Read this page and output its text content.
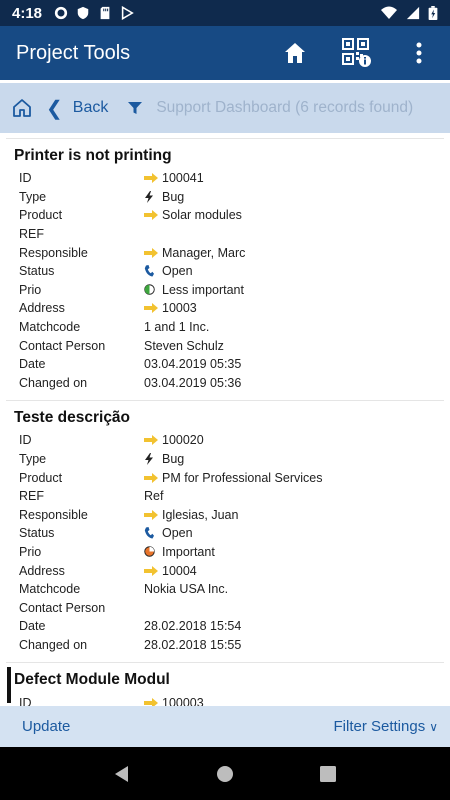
4:18
Project Tools
❮ Back	Support Dashboard (6 records found)
Printer is not printing
ID	100041
Type	Bug
Product	Solar modules
REF
Responsible	Manager, Marc
Status	Open
Prio	Less important
Address	10003
Matchcode	1 and 1 Inc.
Contact Person	Steven Schulz
Date	03.04.2019 05:35
Changed on	03.04.2019 05:36
Teste descrição
ID	100020
Type	Bug
Product	PM for Professional Services
REF	Ref
Responsible	Iglesias, Juan
Status	Open
Prio	Important
Address	10004
Matchcode	Nokia USA Inc.
Contact Person
Date	28.02.2018 15:54
Changed on	28.02.2018 15:55
Defect Module Modul
ID	100003
Update	Filter Settings ∨
